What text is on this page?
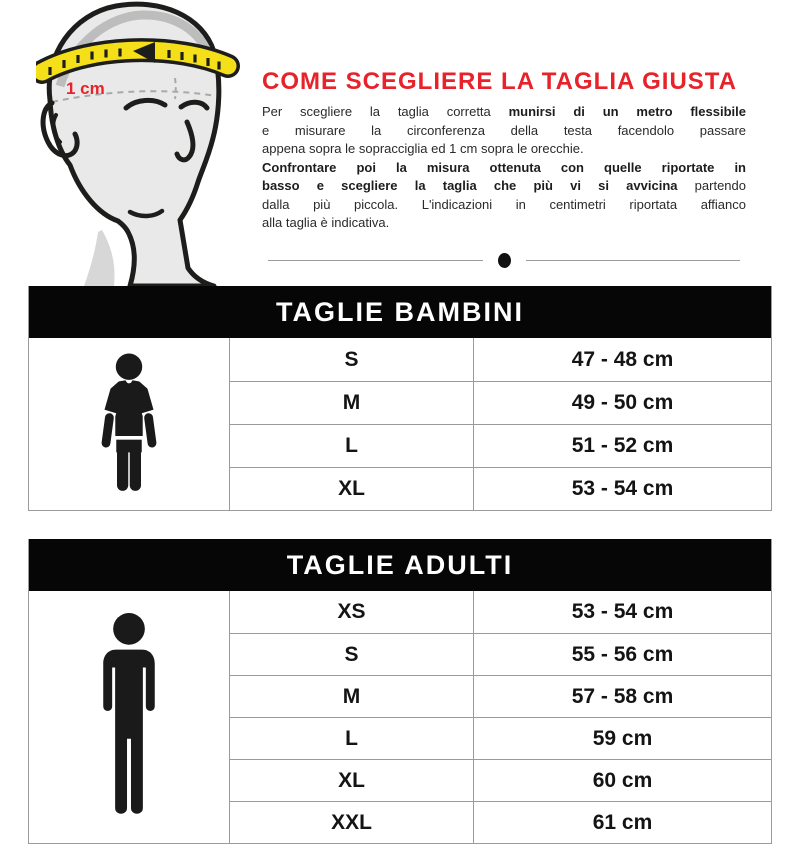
1 cm	COME SCEGLIERE LA TAGLIA GIUSTA
Per scegliere la taglia corretta munirsi di un metro flessibile
e misurare la circonferenza della testa facendolo passare
appena sopra le sopracciglia ed 1 cm sopra le orecchie.
Confrontare poi la misura ottenuta con quelle riportate in
basso e scegliere la taglia che più vi si avvicina partendo
dalla più piccola. L'indicazioni in centimetri riportata affianco
alla taglia è indicativa.
TAGLIE BAMBINI
S	47 - 48 cm
M	49 - 50 cm
L	51 - 52 cm
XL	53 - 54 cm
TAGLIE ADULTI
XS	53 - 54 cm
S	55 - 56 cm
M	57 - 58 cm
L	59 cm
XL	60 cm
XXL	61 cm
